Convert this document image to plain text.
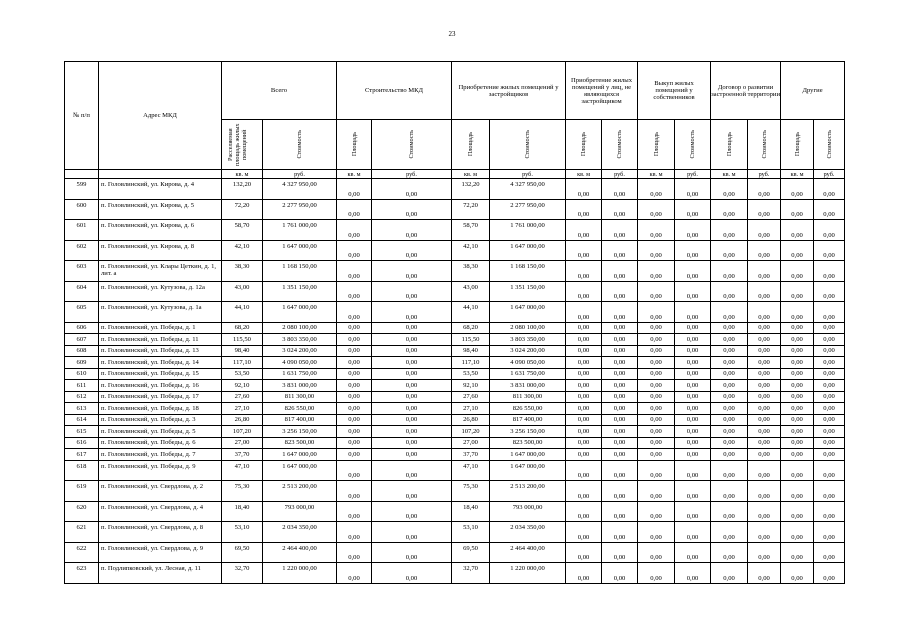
23
№ п/п	Адрес МКД	Всего		Строительство МКД		Приобретение жилых помещений у застройщиков		Приобретение жилых помещений у лиц, не являющихся застройщиком		Выкуп жилых помещений у собственников		Договор о развитии застроенной территории		Другие	

		Расселяемая площадь жилых помещений	Стоимость	Площадь	Стоимость	Площадь	Стоимость	Площадь	Стоимость	Площадь	Стоимость	Площадь	Стоимость	Площадь	Стоимость

		кв. м	руб.	кв. м	руб.	кв. м	руб.	кв. м	руб.	кв. м	руб.	кв. м	руб.	кв. м	руб.
599	п. Головлинский, ул. Кирова, д. 4	132,20	4 327 950,00	0,00	0,00	132,20	4 327 950,00	0,00	0,00	0,00	0,00	0,00	0,00	0,00	0,00
600	п. Головлинский, ул. Кирова, д. 5	72,20	2 277 950,00	0,00	0,00	72,20	2 277 950,00	0,00	0,00	0,00	0,00	0,00	0,00	0,00	0,00
601	п. Головлинский, ул. Кирова, д. 6	58,70	1 761 000,00	0,00	0,00	58,70	1 761 000,00	0,00	0,00	0,00	0,00	0,00	0,00	0,00	0,00
602	п. Головлинский, ул. Кирова, д. 8	42,10	1 647 000,00	0,00	0,00	42,10	1 647 000,00	0,00	0,00	0,00	0,00	0,00	0,00	0,00	0,00
603	п. Головлинский, ул. Клары Цеткин, д. 1, лит. а	38,30	1 168 150,00	0,00	0,00	38,30	1 168 150,00	0,00	0,00	0,00	0,00	0,00	0,00	0,00	0,00
604	п. Головлинский, ул. Кутузова, д. 12а	43,00	1 351 150,00	0,00	0,00	43,00	1 351 150,00	0,00	0,00	0,00	0,00	0,00	0,00	0,00	0,00
605	п. Головлинский, ул. Кутузова, д. 1а	44,10	1 647 000,00	0,00	0,00	44,10	1 647 000,00	0,00	0,00	0,00	0,00	0,00	0,00	0,00	0,00
606	п. Головлинский, ул. Победы, д. 1	68,20	2 080 100,00	0,00	0,00	68,20	2 080 100,00	0,00	0,00	0,00	0,00	0,00	0,00	0,00	0,00
607	п. Головлинский, ул. Победы, д. 11	115,50	3 803 350,00	0,00	0,00	115,50	3 803 350,00	0,00	0,00	0,00	0,00	0,00	0,00	0,00	0,00
608	п. Головлинский, ул. Победы, д. 13	98,40	3 024 200,00	0,00	0,00	98,40	3 024 200,00	0,00	0,00	0,00	0,00	0,00	0,00	0,00	0,00
609	п. Головлинский, ул. Победы, д. 14	117,10	4 090 050,00	0,00	0,00	117,10	4 090 050,00	0,00	0,00	0,00	0,00	0,00	0,00	0,00	0,00
610	п. Головлинский, ул. Победы, д. 15	53,50	1 631 750,00	0,00	0,00	53,50	1 631 750,00	0,00	0,00	0,00	0,00	0,00	0,00	0,00	0,00
611	п. Головлинский, ул. Победы, д. 16	92,10	3 831 000,00	0,00	0,00	92,10	3 831 000,00	0,00	0,00	0,00	0,00	0,00	0,00	0,00	0,00
612	п. Головлинский, ул. Победы, д. 17	27,60	811 300,00	0,00	0,00	27,60	811 300,00	0,00	0,00	0,00	0,00	0,00	0,00	0,00	0,00
613	п. Головлинский, ул. Победы, д. 18	27,10	826 550,00	0,00	0,00	27,10	826 550,00	0,00	0,00	0,00	0,00	0,00	0,00	0,00	0,00
614	п. Головлинский, ул. Победы, д. 3	26,80	817 400,00	0,00	0,00	26,80	817 400,00	0,00	0,00	0,00	0,00	0,00	0,00	0,00	0,00
615	п. Головлинский, ул. Победы, д. 5	107,20	3 256 150,00	0,00	0,00	107,20	3 256 150,00	0,00	0,00	0,00	0,00	0,00	0,00	0,00	0,00
616	п. Головлинский, ул. Победы, д. 6	27,00	823 500,00	0,00	0,00	27,00	823 500,00	0,00	0,00	0,00	0,00	0,00	0,00	0,00	0,00
617	п. Головлинский, ул. Победы, д. 7	37,70	1 647 000,00	0,00	0,00	37,70	1 647 000,00	0,00	0,00	0,00	0,00	0,00	0,00	0,00	0,00
618	п. Головлинский, ул. Победы, д. 9	47,10	1 647 000,00	0,00	0,00	47,10	1 647 000,00	0,00	0,00	0,00	0,00	0,00	0,00	0,00	0,00
619	п. Головлинский, ул. Свердлова, д. 2	75,30	2 513 200,00	0,00	0,00	75,30	2 513 200,00	0,00	0,00	0,00	0,00	0,00	0,00	0,00	0,00
620	п. Головлинский, ул. Свердлова, д. 4	18,40	793 000,00	0,00	0,00	18,40	793 000,00	0,00	0,00	0,00	0,00	0,00	0,00	0,00	0,00
621	п. Головлинский, ул. Свердлова, д. 8	53,10	2 034 350,00	0,00	0,00	53,10	2 034 350,00	0,00	0,00	0,00	0,00	0,00	0,00	0,00	0,00
622	п. Головлинский, ул. Свердлова, д. 9	69,50	2 464 400,00	0,00	0,00	69,50	2 464 400,00	0,00	0,00	0,00	0,00	0,00	0,00	0,00	0,00
623	п. Подлипковский, ул. Лесная, д. 11	32,70	1 220 000,00	0,00	0,00	32,70	1 220 000,00	0,00	0,00	0,00	0,00	0,00	0,00	0,00	0,00
